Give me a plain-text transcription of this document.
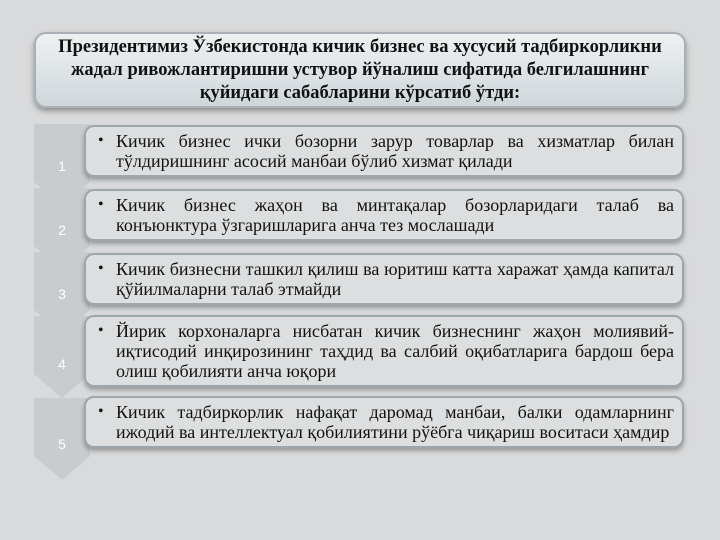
Президентимиз Ўзбекистонда кичик бизнес ва хусусий тадбиркорликни жадал ривожлантиришни устувор йўналиш сифатида белгилашнинг қуйидаги сабабларини кўрсатиб ўтди:

1
• Кичик бизнес ички бозорни зарур товарлар ва хизматлар билан тўлдиришнинг асосий манбаи бўлиб хизмат қилади

2
• Кичик бизнес жаҳон ва минтақалар бозорларидаги талаб ва конъюнктура ўзгаришларига анча тез мослашади

3
• Кичик бизнесни ташкил қилиш ва юритиш катта харажат ҳамда капитал қўйилмаларни талаб этмайди

4
• Йирик корхоналарга нисбатан кичик бизнеснинг жаҳон молиявий-иқтисодий инқирозининг таҳдид ва салбий оқибатларига бардош бера олиш қобилияти анча юқори

5
• Кичик тадбиркорлик нафақат даромад манбаи, балки одамларнинг ижодий ва интеллектуал қобилиятини рўёбга чиқариш воситаси ҳамдир
